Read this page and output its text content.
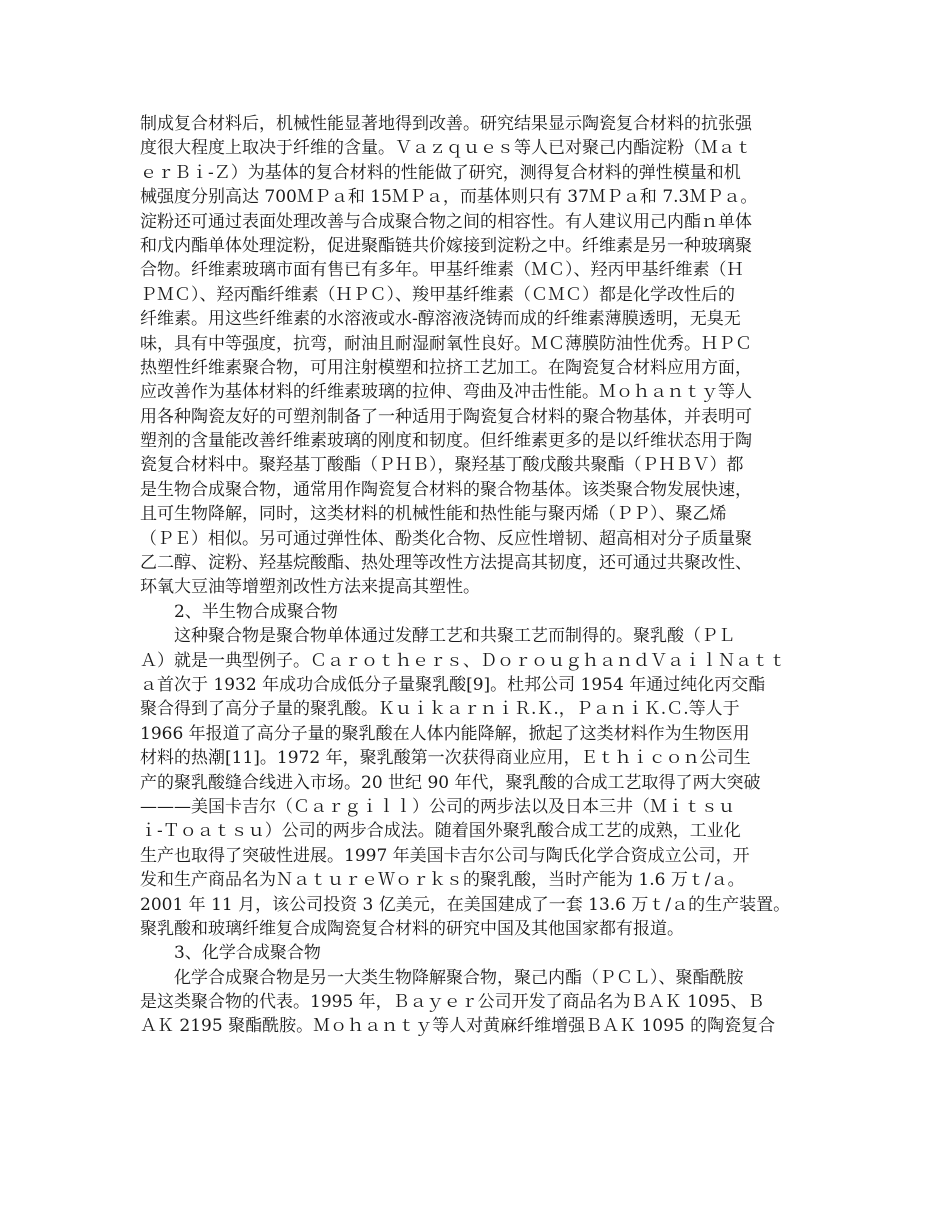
制成复合材料后，机械性能显著地得到改善。研究结果显示陶瓷复合材料的抗张强
度很大程度上取决于纤维的含量。Ｖａｚｑｕｅｓ等人已对聚己内酯淀粉（Ｍａｔ
ｅｒＢｉ-Ｚ）为基体的复合材料的性能做了研究，测得复合材料的弹性模量和机
械强度分别高达 700ＭＰａ和 15ＭＰａ，而基体则只有 37ＭＰａ和 7.3ＭＰａ。
淀粉还可通过表面处理改善与合成聚合物之间的相容性。有人建议用己内酯ｎ单体
和戊内酯单体处理淀粉，促进聚酯链共价嫁接到淀粉之中。纤维素是另一种玻璃聚
合物。纤维素玻璃市面有售已有多年。甲基纤维素（ＭＣ）、羟丙甲基纤维素（Ｈ
ＰＭＣ）、羟丙酯纤维素（ＨＰＣ）、羧甲基纤维素（ＣＭＣ）都是化学改性后的
纤维素。用这些纤维素的水溶液或水-醇溶液浇铸而成的纤维素薄膜透明，无臭无
味，具有中等强度，抗弯，耐油且耐湿耐氧性良好。ＭＣ薄膜防油性优秀。ＨＰＣ
热塑性纤维素聚合物，可用注射模塑和拉挤工艺加工。在陶瓷复合材料应用方面，
应改善作为基体材料的纤维素玻璃的拉伸、弯曲及冲击性能。Ｍｏｈａｎｔｙ等人
用各种陶瓷友好的可塑剂制备了一种适用于陶瓷复合材料的聚合物基体，并表明可
塑剂的含量能改善纤维素玻璃的刚度和韧度。但纤维素更多的是以纤维状态用于陶
瓷复合材料中。聚羟基丁酸酯（ＰＨＢ），聚羟基丁酸戊酸共聚酯（ＰＨＢＶ）都
是生物合成聚合物，通常用作陶瓷复合材料的聚合物基体。该类聚合物发展快速，
且可生物降解，同时，这类材料的机械性能和热性能与聚丙烯（ＰＰ）、聚乙烯
（ＰＥ）相似。另可通过弹性体、酚类化合物、反应性增韧、超高相对分子质量聚
乙二醇、淀粉、羟基烷酸酯、热处理等改性方法提高其韧度，还可通过共聚改性、
环氧大豆油等增塑剂改性方法来提高其塑性。
2、半生物合成聚合物
这种聚合物是聚合物单体通过发酵工艺和共聚工艺而制得的。聚乳酸（ＰＬ
Ａ）就是一典型例子。Ｃａｒｏｔｈｅｒｓ、ＤｏｒｏｕｇｈａｎｄＶａｉｌＮａｔｔ
ａ首次于 1932 年成功合成低分子量聚乳酸[9]。杜邦公司 1954 年通过纯化丙交酯
聚合得到了高分子量的聚乳酸。ＫｕｉｋａｒｎｉＲ.Ｋ.，ＰａｎｉＫ.Ｃ.等人于
1966 年报道了高分子量的聚乳酸在人体内能降解，掀起了这类材料作为生物医用
材料的热潮[11]。1972 年，聚乳酸第一次获得商业应用，Ｅｔｈｉｃｏｎ公司生
产的聚乳酸缝合线进入市场。20 世纪 90 年代，聚乳酸的合成工艺取得了两大突破
———美国卡吉尔（Ｃａｒｇｉｌｌ）公司的两步法以及日本三井（Ｍｉｔｓｕ
ｉ-Ｔｏａｔｓｕ）公司的两步合成法。随着国外聚乳酸合成工艺的成熟，工业化
生产也取得了突破性进展。1997 年美国卡吉尔公司与陶氏化学合资成立公司，开
发和生产商品名为ＮａｔｕｒｅＷｏｒｋｓ的聚乳酸，当时产能为 1.6 万ｔ/ａ。
2001 年 11 月，该公司投资 3 亿美元，在美国建成了一套 13.6 万ｔ/ａ的生产装置。
聚乳酸和玻璃纤维复合成陶瓷复合材料的研究中国及其他国家都有报道。
3、化学合成聚合物
化学合成聚合物是另一大类生物降解聚合物，聚己内酯（ＰＣＬ）、聚酯酰胺
是这类聚合物的代表。1995 年，Ｂａｙｅｒ公司开发了商品名为ＢＡＫ 1095、Ｂ
ＡＫ 2195 聚酯酰胺。Ｍｏｈａｎｔｙ等人对黄麻纤维增强ＢＡＫ 1095 的陶瓷复合
